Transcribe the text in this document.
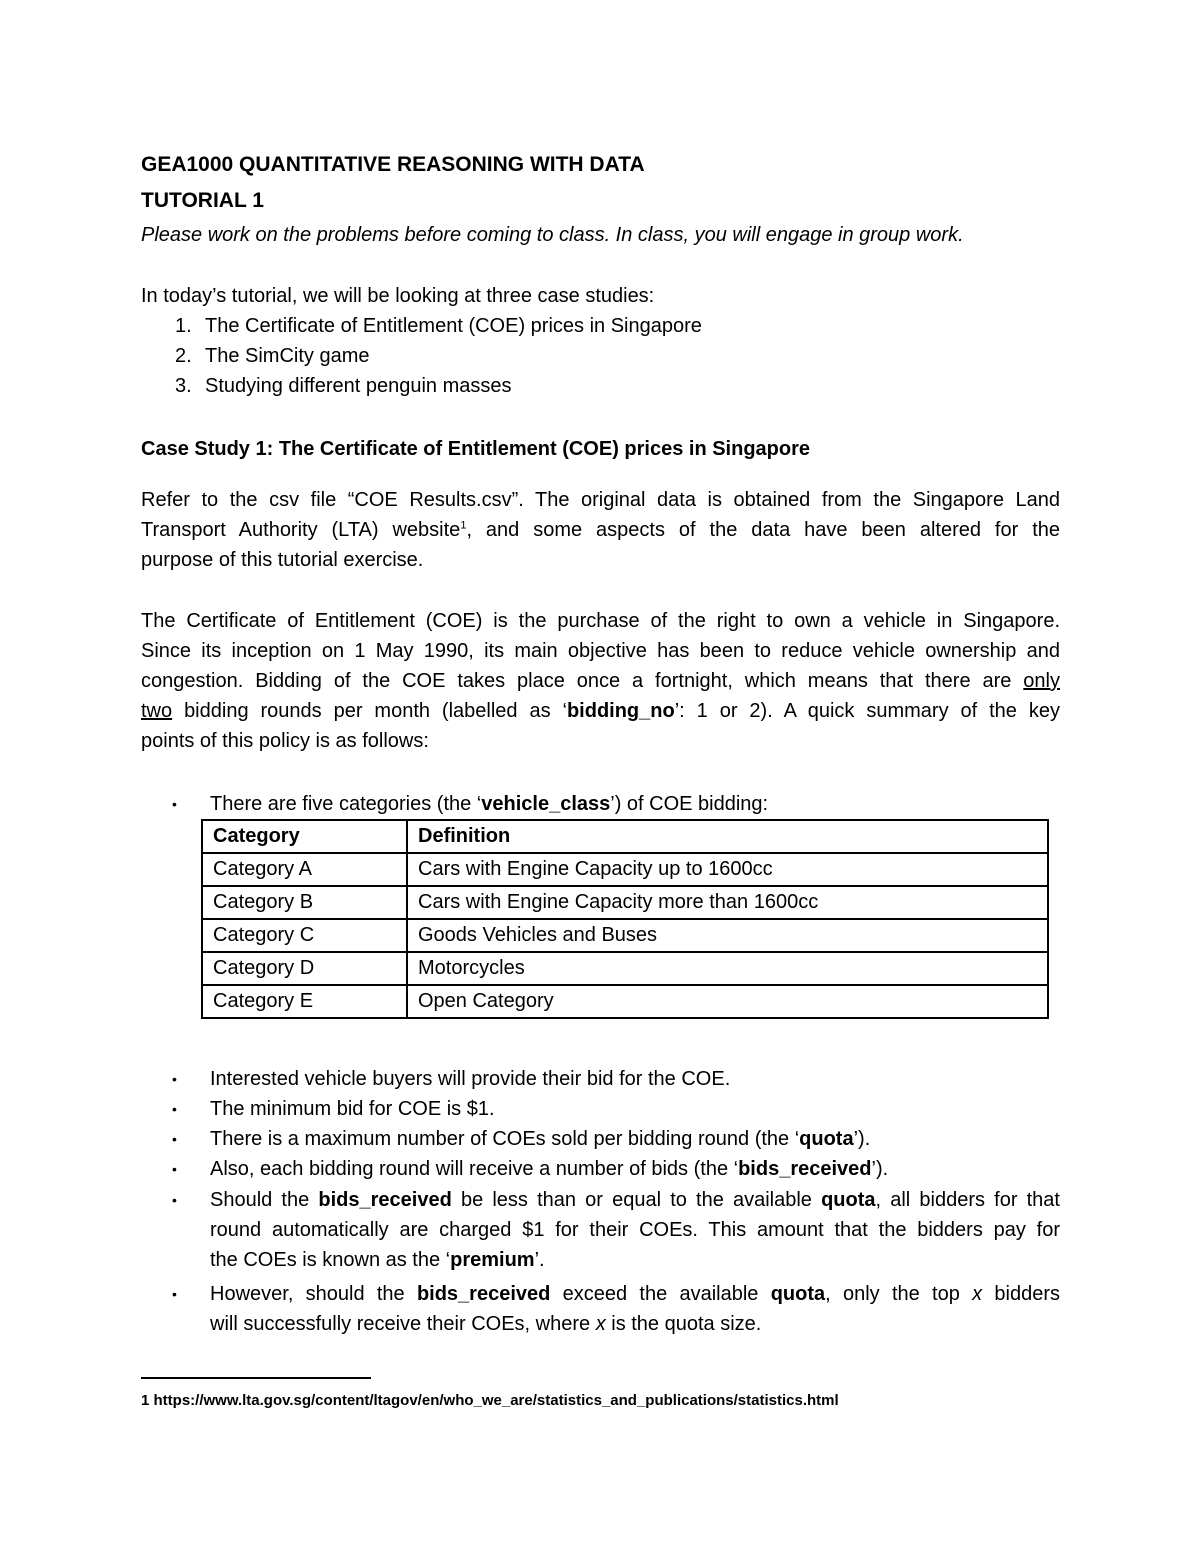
GEA1000 QUANTITATIVE REASONING WITH DATA
TUTORIAL 1
Please work on the problems before coming to class. In class, you will engage in group work.
In today’s tutorial, we will be looking at three case studies:
1. The Certificate of Entitlement (COE) prices in Singapore
2. The SimCity game
3. Studying different penguin masses
Case Study 1: The Certificate of Entitlement (COE) prices in Singapore
Refer to the csv file “COE Results.csv”. The original data is obtained from the Singapore Land
Transport Authority (LTA) website$^1$, and some aspects of the data have been altered for the
purpose of this tutorial exercise.
The Certificate of Entitlement (COE) is the purchase of the right to own a vehicle in Singapore.
Since its inception on 1 May 1990, its main objective has been to reduce vehicle ownership and
congestion. Bidding of the COE takes place once a fortnight, which means that there are only
two bidding rounds per month (labelled as ‘bidding_no’: 1 or 2). A quick summary of the key
points of this policy is as follows:
• There are five categories (the ‘vehicle_class’) of COE bidding:
Category	Definition
Category A	Cars with Engine Capacity up to 1600cc
Category B	Cars with Engine Capacity more than 1600cc
Category C	Goods Vehicles and Buses
Category D	Motorcycles
Category E	Open Category
• Interested vehicle buyers will provide their bid for the COE.
• The minimum bid for COE is $1.
• There is a maximum number of COEs sold per bidding round (the ‘quota’).
• Also, each bidding round will receive a number of bids (the ‘bids_received’).
• Should the bids_received be less than or equal to the available quota, all bidders for that
round automatically are charged $1 for their COEs. This amount that the bidders pay for
the COEs is known as the ‘premium’.
• However, should the bids_received exceed the available quota, only the top x bidders
will successfully receive their COEs, where x is the quota size.
1 https://www.lta.gov.sg/content/ltagov/en/who_we_are/statistics_and_publications/statistics.html
